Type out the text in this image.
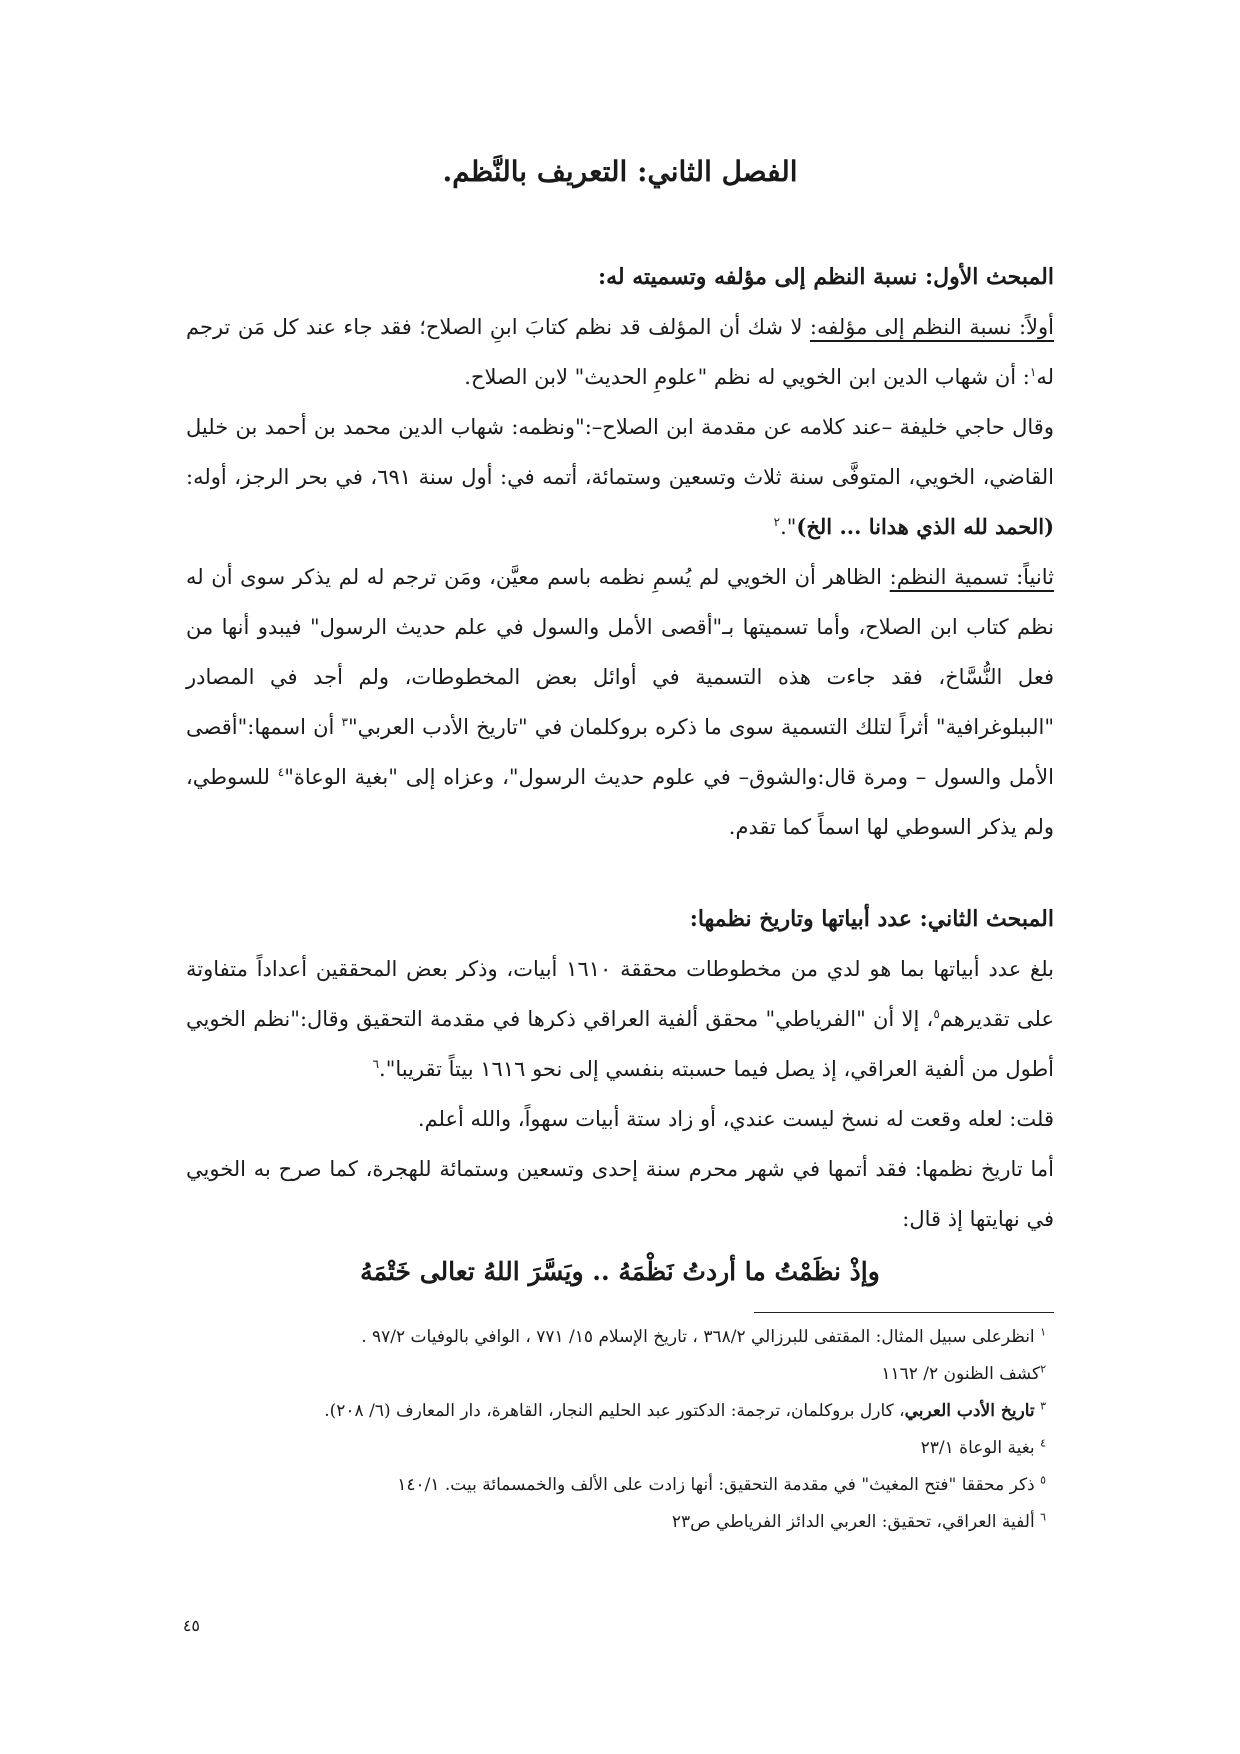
الفصل الثاني: التعريف بالنَّظم.

المبحث الأول: نسبة النظم إلى مؤلفه وتسميته له:

أولاً: نسبة النظم إلى مؤلفه: لا شك أن المؤلف قد نظم كتابَ ابنِ الصلاح؛ فقد جاء عند كل مَن ترجم له$^١$: أن شهاب الدين ابن الخويي له نظم "علومِ الحديث" لابن الصلاح.

وقال حاجي خليفة –عند كلامه عن مقدمة ابن الصلاح–:"ونظمه: شهاب الدين محمد بن أحمد بن خليل القاضي، الخويي، المتوفَّى سنة ثلاث وتسعين وستمائة، أتمه في: أول سنة ٦٩١، في بحر الرجز، أوله: (الحمد لله الذي هدانا ... الخ)".$^٢$

ثانياً: تسمية النظم: الظاهر أن الخويي لم يُسمِ نظمه باسم معيَّن، ومَن ترجم له لم يذكر سوى أن له نظم كتاب ابن الصلاح، وأما تسميتها بـ"أقصى الأمل والسول في علم حديث الرسول" فيبدو أنها من فعل النُّسَّاخ، فقد جاءت هذه التسمية في أوائل بعض المخطوطات، ولم أجد في المصادر "الببلوغرافية" أثراً لتلك التسمية سوى ما ذكره بروكلمان في "تاريخ الأدب العربي"$^٣$ أن اسمها:"أقصى الأمل والسول – ومرة قال:والشوق– في علوم حديث الرسول"، وعزاه إلى "بغية الوعاة"$^٤$ للسوطي، ولم يذكر السوطي لها اسماً كما تقدم.

المبحث الثاني: عدد أبياتها وتاريخ نظمها:

بلغ عدد أبياتها بما هو لدي من مخطوطات محققة ١٦١٠ أبيات، وذكر بعض المحققين أعداداً متفاوتة على تقديرهم$^٥$، إلا أن "الفرياطي" محقق ألفية العراقي ذكرها في مقدمة التحقيق وقال:"نظم الخويي أطول من ألفية العراقي، إذ يصل فيما حسبته بنفسي إلى نحو ١٦١٦ بيتاً تقريبا".$^٦$

قلت: لعله وقعت له نسخ ليست عندي، أو زاد ستة أبيات سهواً، والله أعلم.

أما تاريخ نظمها: فقد أتمها في شهر محرم سنة إحدى وتسعين وستمائة للهجرة، كما صرح به الخويي في نهايتها إذ قال:

وإذْ نظَمْتُ ما أردتُ نَظْمَهُ .. ويَسَّرَ اللهُ تعالى خَتْمَهُ

$^١$ انظرعلى سبيل المثال: المقتفى للبرزالي ٣٦٨/٢ ، تاريخ الإسلام ١٥/ ٧٧١ ، الوافي بالوفيات ٩٧/٢ .

$^٢$كشف الظنون ٢/ ١١٦٢

$^٣$ تاريخ الأدب العربي، كارل بروكلمان، ترجمة: الدكتور عبد الحليم النجار، القاهرة، دار المعارف (٦/ ٢٠٨).

$^٤$ بغية الوعاة ٢٣/١

$^٥$ ذكر محققا "فتح المغيث" في مقدمة التحقيق: أنها زادت على الألف والخمسمائة بيت. ١٤٠/١

$^٦$ ألفية العراقي، تحقيق: العربي الدائز الفرياطي ص٢٣

٤٥
